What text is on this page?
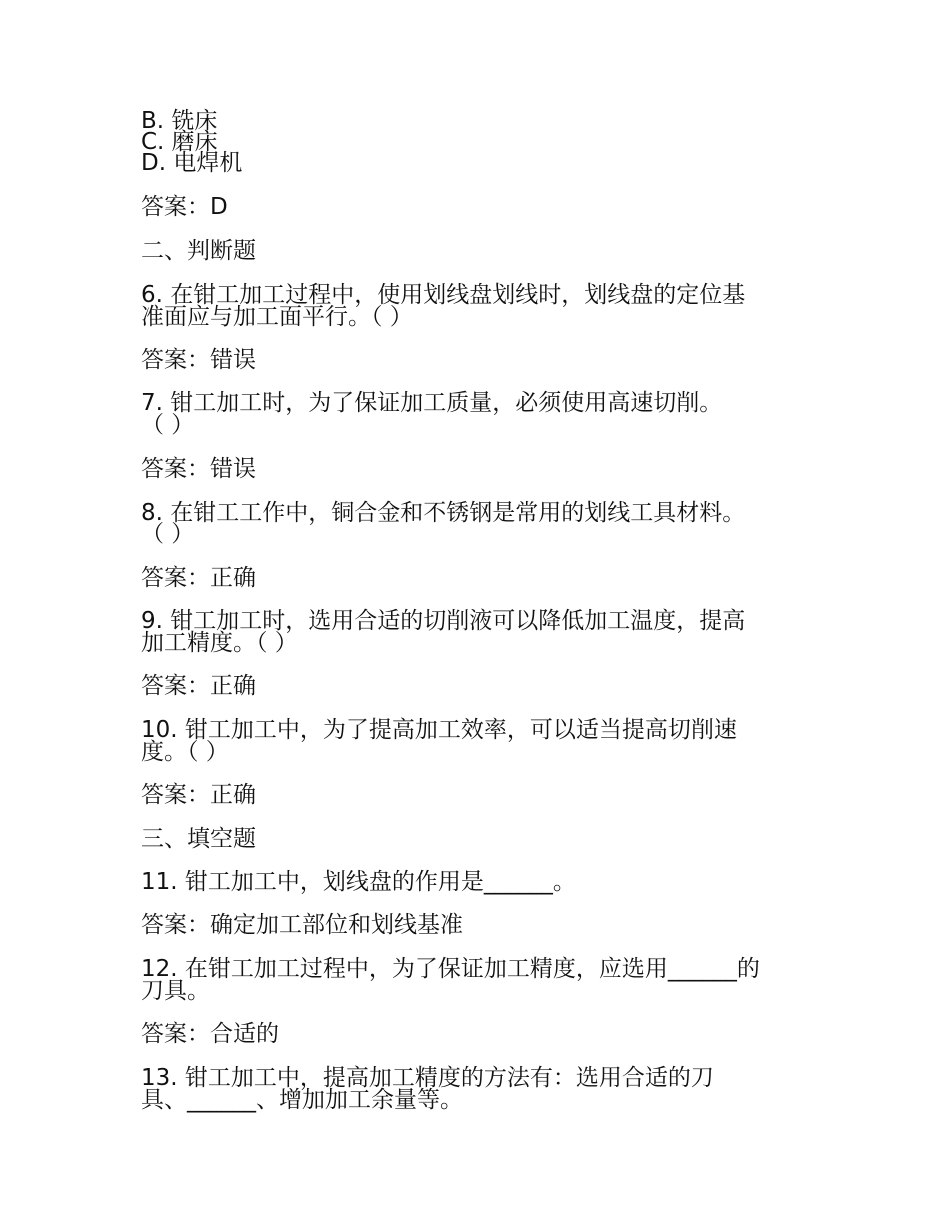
B. 铣床
C. 磨床
D. 电焊机
答案：D
二、判断题
6. 在钳工加工过程中，使用划线盘划线时，划线盘的定位基
准面应与加工面平行。（ ）
答案：错误
7. 钳工加工时，为了保证加工质量，必须使用高速切削。
（ ）
答案：错误
8. 在钳工工作中，铜合金和不锈钢是常用的划线工具材料。
（ ）
答案：正确
9. 钳工加工时，选用合适的切削液可以降低加工温度，提高
加工精度。（ ）
答案：正确
10. 钳工加工中，为了提高加工效率，可以适当提高切削速
度。（ ）
答案：正确
三、填空题
11. 钳工加工中，划线盘的作用是______。
答案：确定加工部位和划线基准
12. 在钳工加工过程中，为了保证加工精度，应选用______的
刀具。
答案：合适的
13. 钳工加工中，提高加工精度的方法有：选用合适的刀
具、______、增加加工余量等。
